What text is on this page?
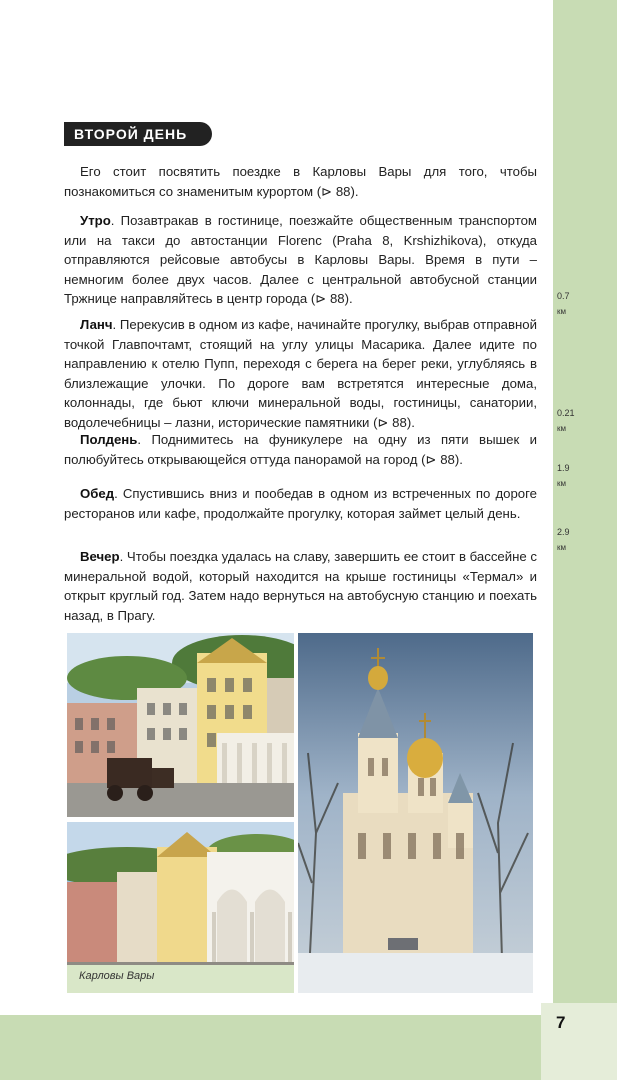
7
0.7
км
0.21
км
1.9
км
2.9
км
ВТОРОЙ ДЕНЬ

Его стоит посвятить поездке в Карловы Вары для того, чтобы познакомиться со знаменитым курортом (⊳ 88).

Утро. Позавтракав в гостинице, поезжайте общественным транспортом или на такси до автостанции Florenc (Praha 8, Krshizhikova), откуда отправляются рейсовые автобусы в Карловы Вары. Время в пути – немногим более двух часов. Далее с центральной автобусной станции Тржнице направляйтесь в центр города (⊳ 88).

Ланч. Перекусив в одном из кафе, начинайте прогулку, выбрав отправной точкой Главпочтамт, стоящий на углу улицы Масарика. Далее идите по направлению к отелю Пупп, переходя с берега на берег реки, углубляясь в близлежащие улочки. По дороге вам встретятся интересные дома, колоннады, где бьют ключи минеральной воды, гостиницы, санатории, водолечебницы – лазни, исторические памятники (⊳ 88).

Полдень. Поднимитесь на фуникулере на одну из пяти вышек и полюбуйтесь открывающейся оттуда панорамой на город (⊳ 88).

Обед. Спустившись вниз и пообедав в одном из встреченных по дороге ресторанов или кафе, продолжайте прогулку, которая займет целый день.

Вечер. Чтобы поездка удалась на славу, завершить ее стоит в бассейне с минеральной водой, который находится на крыше гостиницы «Термал» и открыт круглый год. Затем надо вернуться на автобусную станцию и поехать назад, в Прагу.

Карловы Вары
